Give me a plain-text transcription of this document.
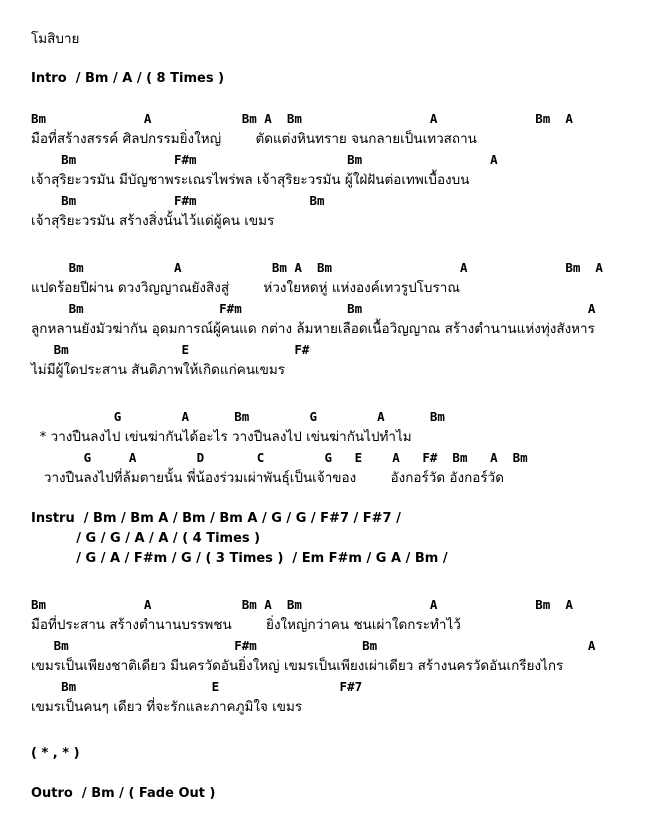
โมสิบาย
Intro  / Bm / A / ( 8 Times )
Bm             A            Bm A  Bm                 A             Bm  A
มือที่สร้างสรรค์ ศิลปกรรมยิ่งใหญ่        ตัดแต่งหินทราย จนกลายเป็นเทวสถาน
Bm             F#m                    Bm                 A
เจ้าสุริยะวรมัน มีบัญชาพระเณรไพร่พล เจ้าสุริยะวรมัน ผู้ใฝ่ฝันต่อเทพเบื้องบน
Bm             F#m               Bm
เจ้าสุริยะวรมัน สร้างสิ่งนั้นไว้แด่ผู้คน เขมร
Bm            A            Bm A  Bm                 A             Bm  A
แปดร้อยปีผ่าน ดวงวิญญาณยังสิงสู่        ห่วงใยหดหู่ แห่งองค์เทวรูปโบราณ
Bm                  F#m              Bm                              A
ลูกหลานยังมัวฆ่ากัน อุดมการณ์ผู้คนแด กต่าง ล้มหายเลือดเนื้อวิญญาณ สร้างตำนานแห่งทุ่งสังหาร
Bm               E              F#
ไม่มีผู้ใดประสาน สันติภาพให้เกิดแก่คนเขมร
G        A      Bm        G        A      Bm
* วางปืนลงไป เข่นฆ่ากันได้อะไร วางปืนลงไป เข่นฆ่ากันไปทำไม
G     A        D       C        G   E    A   F#  Bm   A  Bm
วางปืนลงไปที่ล้มตายนั้น พี่น้องร่วมเผ่าพันธุ์เป็นเจ้าของ        อังกอร์วัด อังกอร์วัด
Instru  / Bm / Bm A / Bm / Bm A / G / G / F#7 / F#7 /
/ G / G / A / A / ( 4 Times )
/ G / A / F#m / G / ( 3 Times )  / Em F#m / G A / Bm /
Bm             A            Bm A  Bm                 A             Bm  A
มือที่ประสาน สร้างตำนานบรรพชน        ยิ่งใหญ่กว่าคน ชนเผ่าใดกระทำไว้
Bm                      F#m              Bm                            A
เขมรเป็นเพียงชาติเดียว มีนครวัดอันยิ่งใหญ่ เขมรเป็นเพียงเผ่าเดียว สร้างนครวัดอันเกรียงไกร
Bm                  E                F#7
เขมรเป็นคนๆ เดียว ที่จะรักและภาคภูมิใจ เขมร
( * , * )
Outro  / Bm / ( Fade Out )
